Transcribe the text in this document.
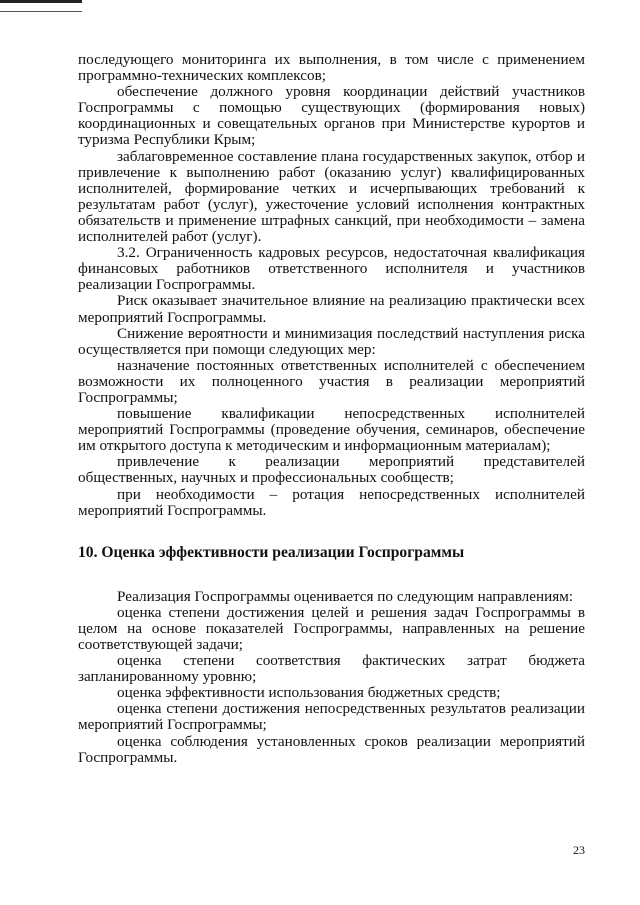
последующего мониторинга их выполнения, в том числе с применением программно-технических комплексов;

обеспечение должного уровня координации действий участников Госпрограммы с помощью существующих (формирования новых) координационных и совещательных органов при Министерстве курортов и туризма Республики Крым;

заблаговременное составление плана государственных закупок, отбор и привлечение к выполнению работ (оказанию услуг) квалифицированных исполнителей, формирование четких и исчерпывающих требований к результатам работ (услуг), ужесточение условий исполнения контрактных обязательств и применение штрафных санкций, при необходимости – замена исполнителей работ (услуг).

3.2. Ограниченность кадровых ресурсов, недостаточная квалификация финансовых работников ответственного исполнителя и участников реализации Госпрограммы.

Риск оказывает значительное влияние на реализацию практически всех мероприятий Госпрограммы.

Снижение вероятности и минимизация последствий наступления риска осуществляется при помощи следующих мер:

назначение постоянных ответственных исполнителей с обеспечением возможности их полноценного участия в реализации мероприятий Госпрограммы;

повышение квалификации непосредственных исполнителей мероприятий Госпрограммы (проведение обучения, семинаров, обеспечение им открытого доступа к методическим и информационным материалам);

привлечение к реализации мероприятий представителей общественных, научных и профессиональных сообществ;

при необходимости – ротация непосредственных исполнителей мероприятий Госпрограммы.

10. Оценка эффективности реализации Госпрограммы

Реализация Госпрограммы оценивается по следующим направлениям:

оценка степени достижения целей и решения задач Госпрограммы в целом на основе показателей Госпрограммы, направленных на решение соответствующей задачи;

оценка степени соответствия фактических затрат бюджета запланированному уровню;

оценка эффективности использования бюджетных средств;

оценка степени достижения непосредственных результатов реализации мероприятий Госпрограммы;

оценка соблюдения установленных сроков реализации мероприятий Госпрограммы.

23
